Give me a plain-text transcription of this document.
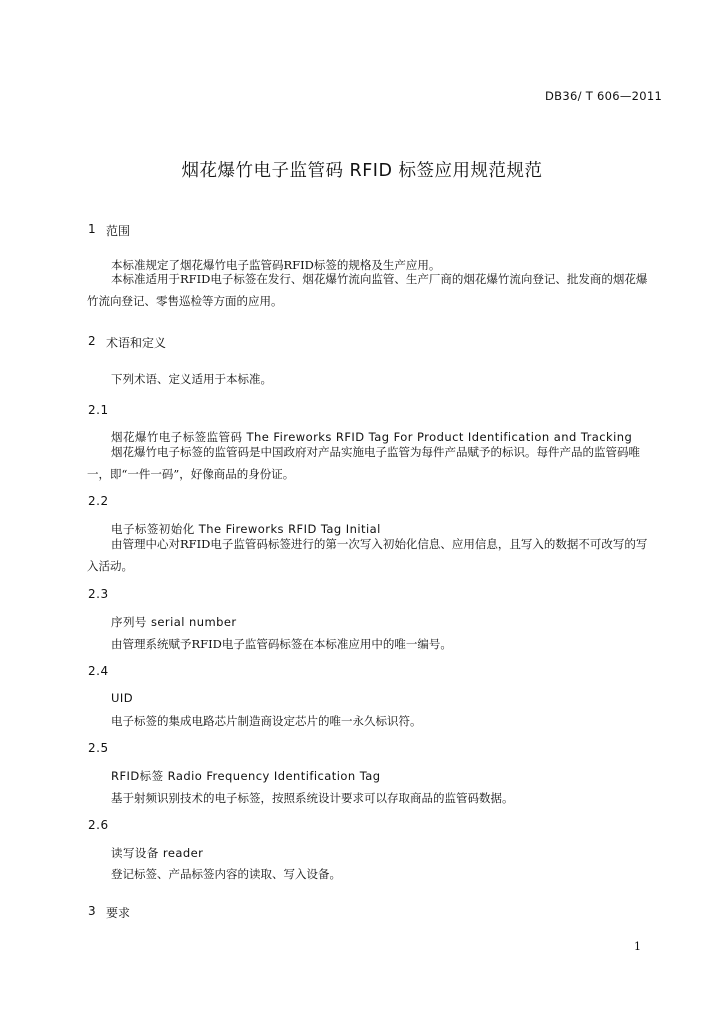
DB36/ T 606—2011
烟花爆竹电子监管码 RFID 标签应用规范规范
1 范围
本标准规定了烟花爆竹电子监管码RFID标签的规格及生产应用。
本标准适用于RFID电子标签在发行、烟花爆竹流向监管、生产厂商的烟花爆竹流向登记、批发商的烟花爆竹流向登记、零售巡检等方面的应用。
2 术语和定义
下列术语、定义适用于本标准。
2.1
烟花爆竹电子标签监管码 The Fireworks RFID Tag For Product Identification and Tracking
烟花爆竹电子标签的监管码是中国政府对产品实施电子监管为每件产品赋予的标识。每件产品的监管码唯一，即“一件一码”，好像商品的身份证。
2.2
电子标签初始化 The Fireworks RFID Tag Initial
由管理中心对RFID电子监管码标签进行的第一次写入初始化信息、应用信息，且写入的数据不可改写的写入活动。
2.3
序列号 serial number
由管理系统赋予RFID电子监管码标签在本标准应用中的唯一编号。
2.4
UID
电子标签的集成电路芯片制造商设定芯片的唯一永久标识符。
2.5
RFID标签 Radio Frequency Identification Tag
基于射频识别技术的电子标签，按照系统设计要求可以存取商品的监管码数据。
2.6
读写设备 reader
登记标签、产品标签内容的读取、写入设备。
3 要求
1
